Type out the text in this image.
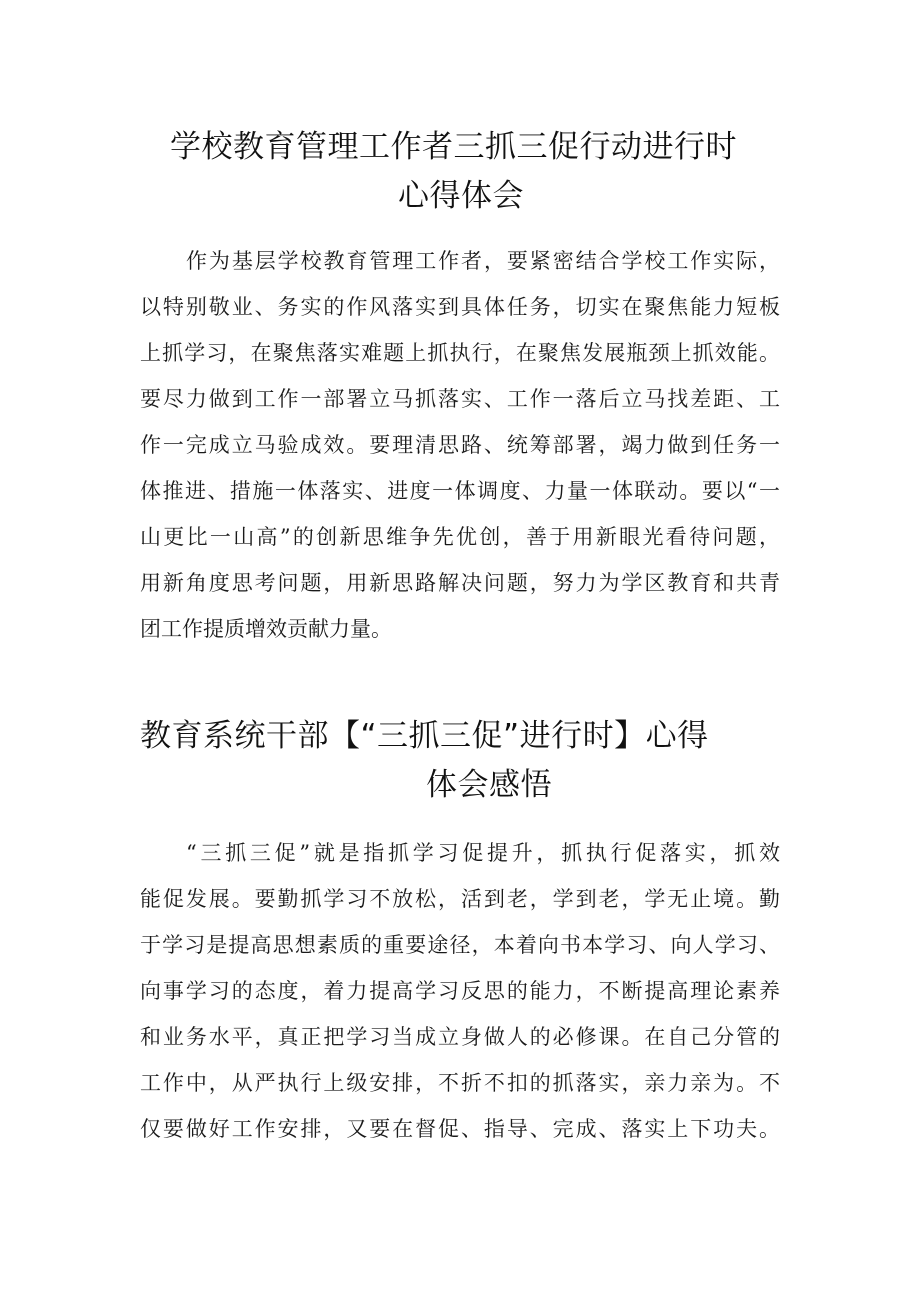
学校教育管理工作者三抓三促行动进行时
心得体会

作为基层学校教育管理工作者，要紧密结合学校工作实际，

以特别敬业、务实的作风落实到具体任务，切实在聚焦能力短板

上抓学习，在聚焦落实难题上抓执行，在聚焦发展瓶颈上抓效能。

要尽力做到工作一部署立马抓落实、工作一落后立马找差距、工

作一完成立马验成效。要理清思路、统筹部署，竭力做到任务一

体推进、措施一体落实、进度一体调度、力量一体联动。要以“一

山更比一山高”的创新思维争先优创，善于用新眼光看待问题，

用新角度思考问题，用新思路解决问题，努力为学区教育和共青

团工作提质增效贡献力量。

教育系统干部【“三抓三促”进行时】心得
体会感悟

“三抓三促”就是指抓学习促提升，抓执行促落实，抓效

能促发展。要勤抓学习不放松，活到老，学到老，学无止境。勤

于学习是提高思想素质的重要途径，本着向书本学习、向人学习、

向事学习的态度，着力提高学习反思的能力，不断提高理论素养

和业务水平，真正把学习当成立身做人的必修课。在自己分管的

工作中，从严执行上级安排，不折不扣的抓落实，亲力亲为。不

仅要做好工作安排，又要在督促、指导、完成、落实上下功夫。
